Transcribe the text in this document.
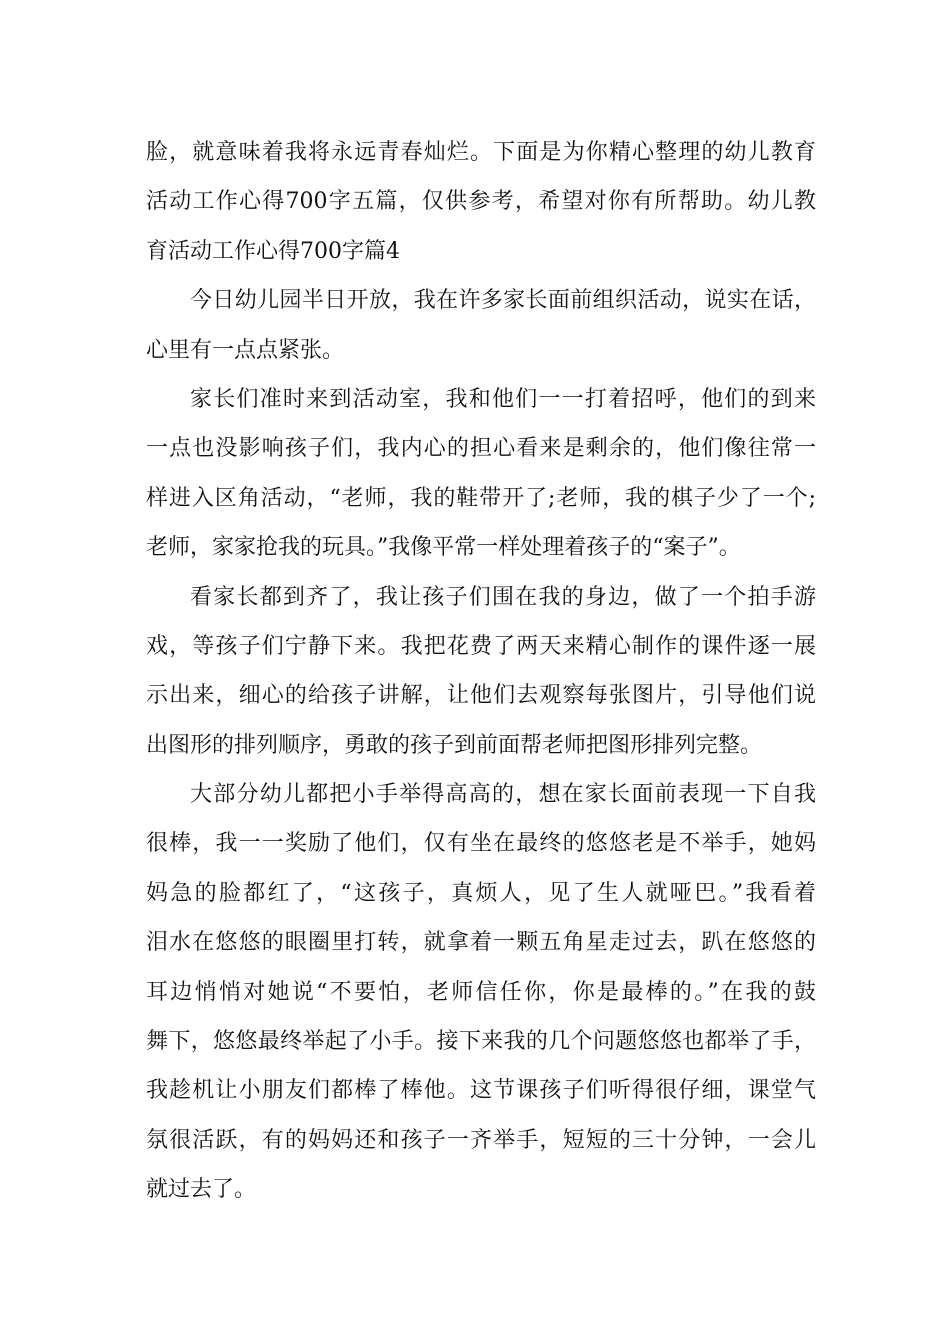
脸，就意味着我将永远青春灿烂。下面是为你精心整理的幼儿教育
活动工作心得700字五篇，仅供参考，希望对你有所帮助。幼儿教
育活动工作心得700字篇4
今日幼儿园半日开放，我在许多家长面前组织活动，说实在话，
心里有一点点紧张。
家长们准时来到活动室，我和他们一一打着招呼，他们的到来
一点也没影响孩子们，我内心的担心看来是剩余的，他们像往常一
样进入区角活动，“老师，我的鞋带开了;老师，我的棋子少了一个;
老师，家家抢我的玩具。”我像平常一样处理着孩子的“案子”。
看家长都到齐了，我让孩子们围在我的身边，做了一个拍手游
戏，等孩子们宁静下来。我把花费了两天来精心制作的课件逐一展
示出来，细心的给孩子讲解，让他们去观察每张图片，引导他们说
出图形的排列顺序，勇敢的孩子到前面帮老师把图形排列完整。
大部分幼儿都把小手举得高高的，想在家长面前表现一下自我
很棒，我一一奖励了他们，仅有坐在最终的悠悠老是不举手，她妈
妈急的脸都红了，“这孩子，真烦人，见了生人就哑巴。”我看着
泪水在悠悠的眼圈里打转，就拿着一颗五角星走过去，趴在悠悠的
耳边悄悄对她说“不要怕，老师信任你，你是最棒的。”在我的鼓
舞下，悠悠最终举起了小手。接下来我的几个问题悠悠也都举了手，
我趁机让小朋友们都棒了棒他。这节课孩子们听得很仔细，课堂气
氛很活跃，有的妈妈还和孩子一齐举手，短短的三十分钟，一会儿
就过去了。
